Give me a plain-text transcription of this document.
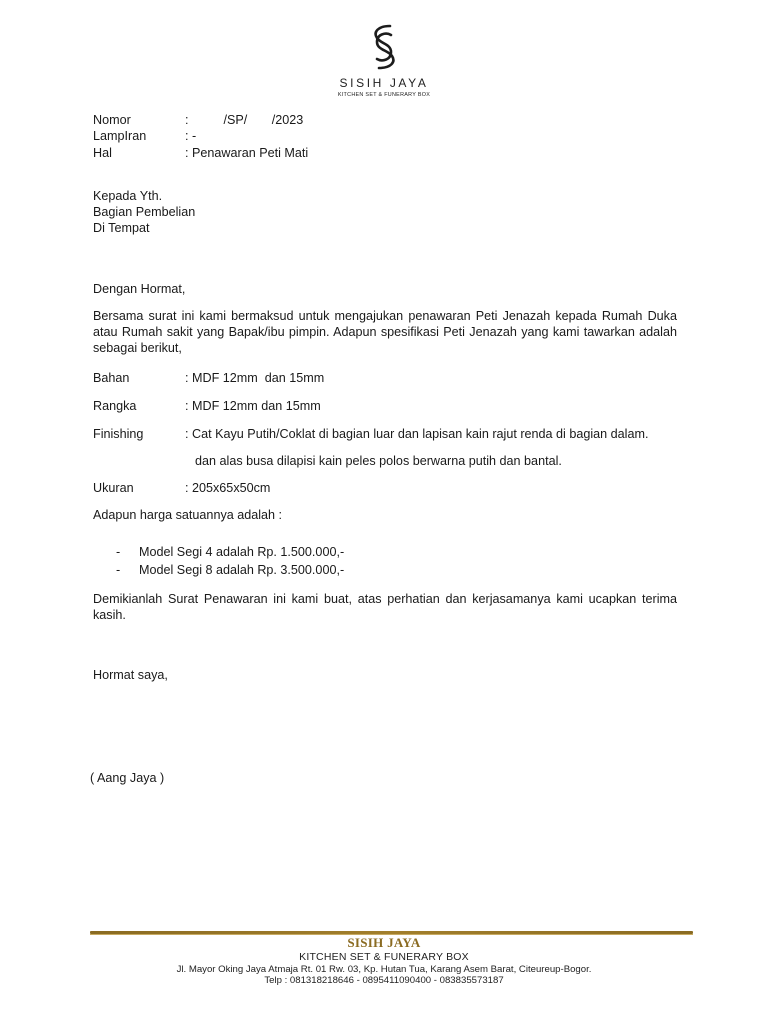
SISIH JAYA
KITCHEN SET & FUNERARY BOX
Nomor	:          /SP/       /2023
LampIran	: -
Hal	: Penawaran Peti Mati
Kepada Yth.
Bagian Pembelian
Di Tempat
Dengan Hormat,
Bersama surat ini kami bermaksud untuk mengajukan penawaran Peti Jenazah kepada Rumah Duka atau Rumah sakit yang Bapak/ibu pimpin. Adapun spesifikasi Peti Jenazah yang kami tawarkan adalah sebagai berikut,
Bahan	: MDF 12mm  dan 15mm
Rangka	: MDF 12mm dan 15mm
Finishing	: Cat Kayu Putih/Coklat di bagian luar dan lapisan kain rajut renda di bagian dalam.
dan alas busa dilapisi kain peles polos berwarna putih dan bantal.
Ukuran	: 205x65x50cm
Adapun harga satuannya adalah :
- Model Segi 4 adalah Rp. 1.500.000,-
- Model Segi 8 adalah Rp. 3.500.000,-
Demikianlah Surat Penawaran ini kami buat, atas perhatian dan kerjasamanya kami ucapkan terima kasih.
Hormat saya,
( Aang Jaya )
SISIH JAYA
KITCHEN SET & FUNERARY BOX
Jl. Mayor Oking Jaya Atmaja Rt. 01 Rw. 03, Kp. Hutan Tua, Karang Asem Barat, Citeureup-Bogor.
Telp : 081318218646 - 0895411090400 - 083835573187
